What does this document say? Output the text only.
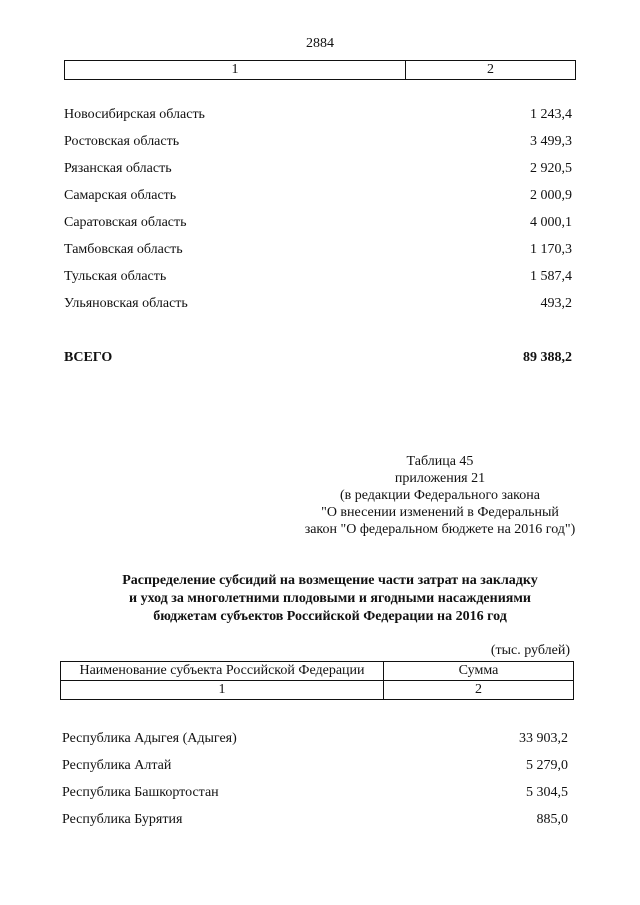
2884
1	2
Новосибирская область	1 243,4
Ростовская область	3 499,3
Рязанская область	2 920,5
Самарская область	2 000,9
Саратовская область	4 000,1
Тамбовская область	1 170,3
Тульская область	1 587,4
Ульяновская область	493,2
ВСЕГО	89 388,2
Таблица 45
приложения 21
(в редакции Федерального закона
"О внесении изменений в Федеральный
закон "О федеральном бюджете на 2016 год")
Распределение субсидий на возмещение части затрат на закладку
и уход за многолетними плодовыми и ягодными насаждениями
бюджетам субъектов Российской Федерации на 2016 год
(тыс. рублей)
Наименование субъекта Российской Федерации	Сумма
1	2
Республика Адыгея (Адыгея)	33 903,2
Республика Алтай	5 279,0
Республика Башкортостан	5 304,5
Республика Бурятия	885,0
